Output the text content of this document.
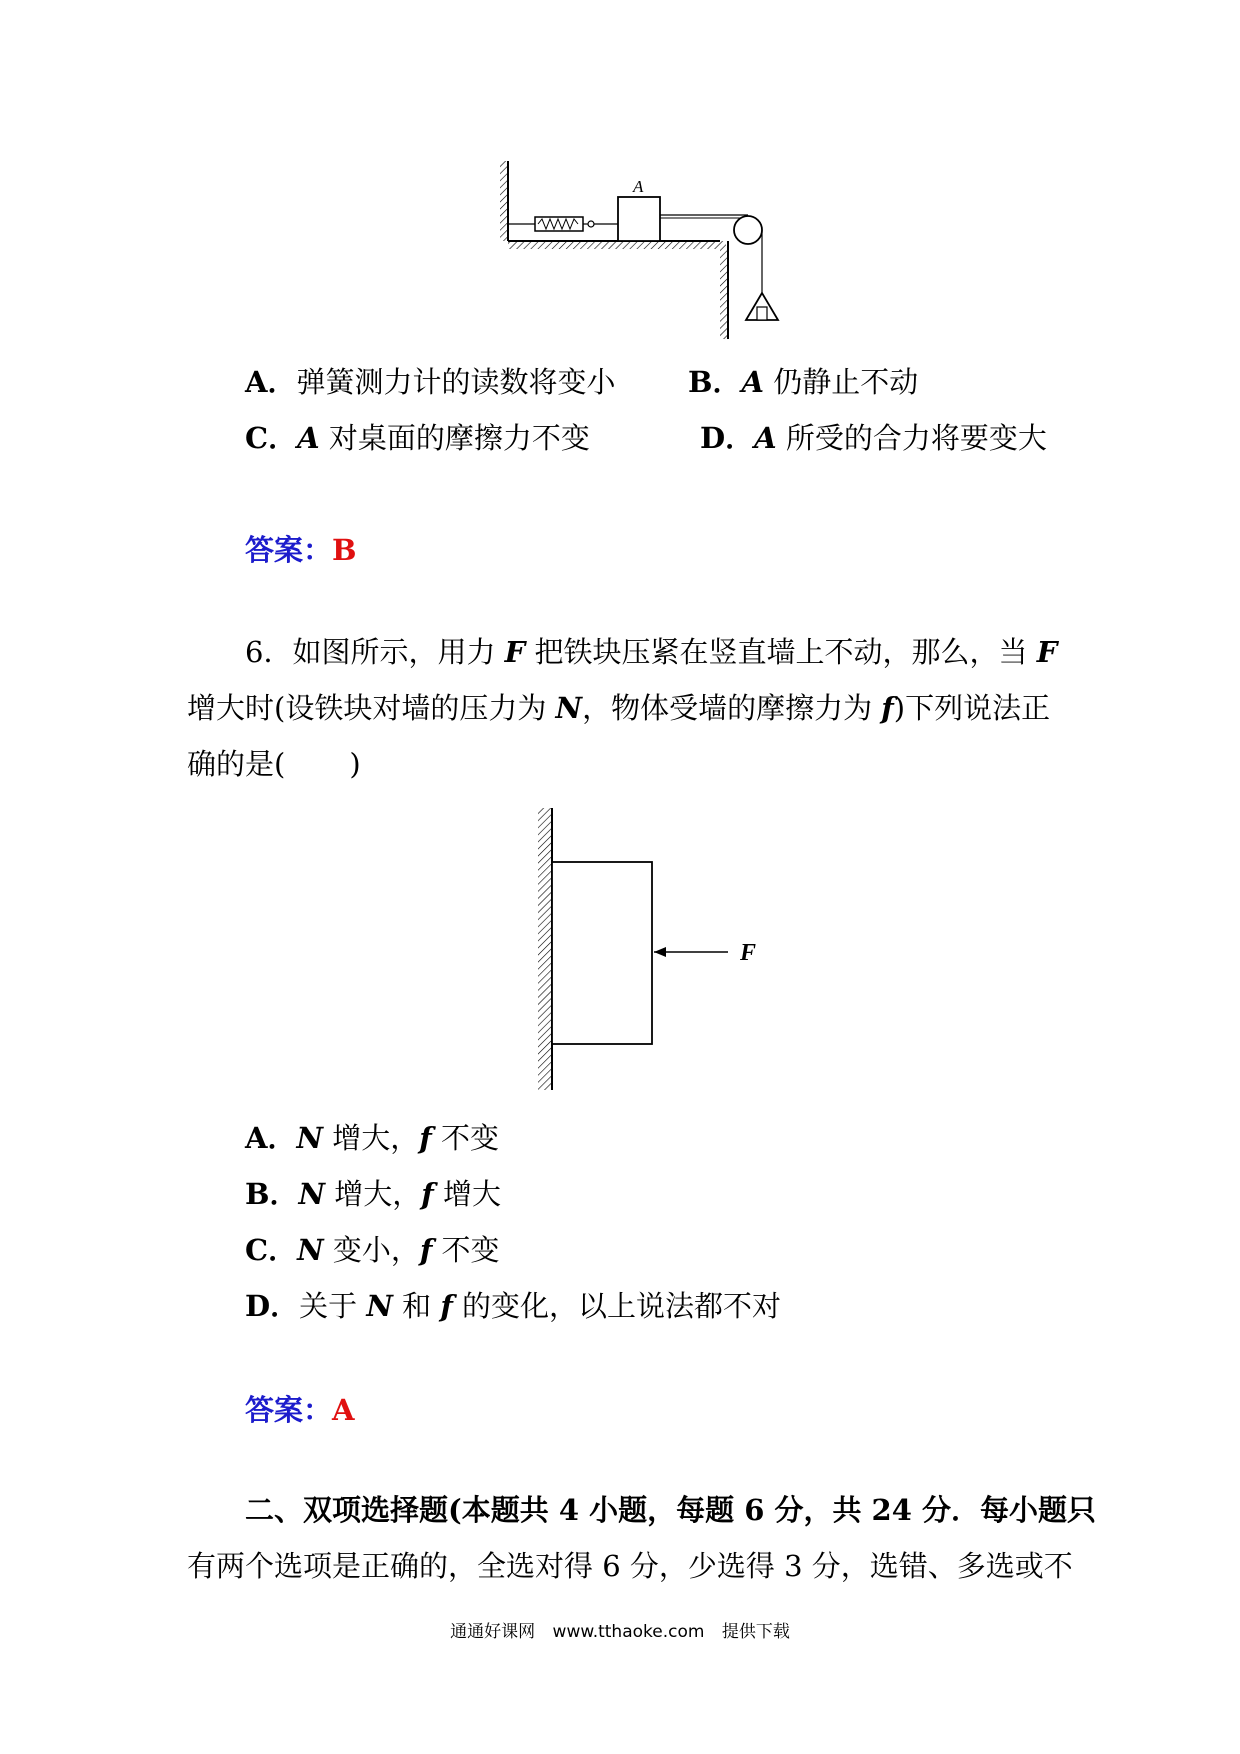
A
A．弹簧测力计的读数将变小 B．A 仍静止不动
C．A 对桌面的摩擦力不变	D．A 所受的合力将要变大
答案：B
6．如图所示，用力 F 把铁块压紧在竖直墙上不动，那么，当 F
增大时(设铁块对墙的压力为 N，物体受墙的摩擦力为 f)下列说法正
确的是( )
F
A．N 增大，f 不变
B．N 增大，f 增大
C．N 变小，f 不变
D．关于 N 和 f 的变化，以上说法都不对
答案：A
二、双项选择题(本题共 4 小题，每题 6 分，共 24 分．每小题只
有两个选项是正确的，全选对得 6 分，少选得 3 分，选错、多选或不
通通好课网 www.tthaoke.com 提供下载
